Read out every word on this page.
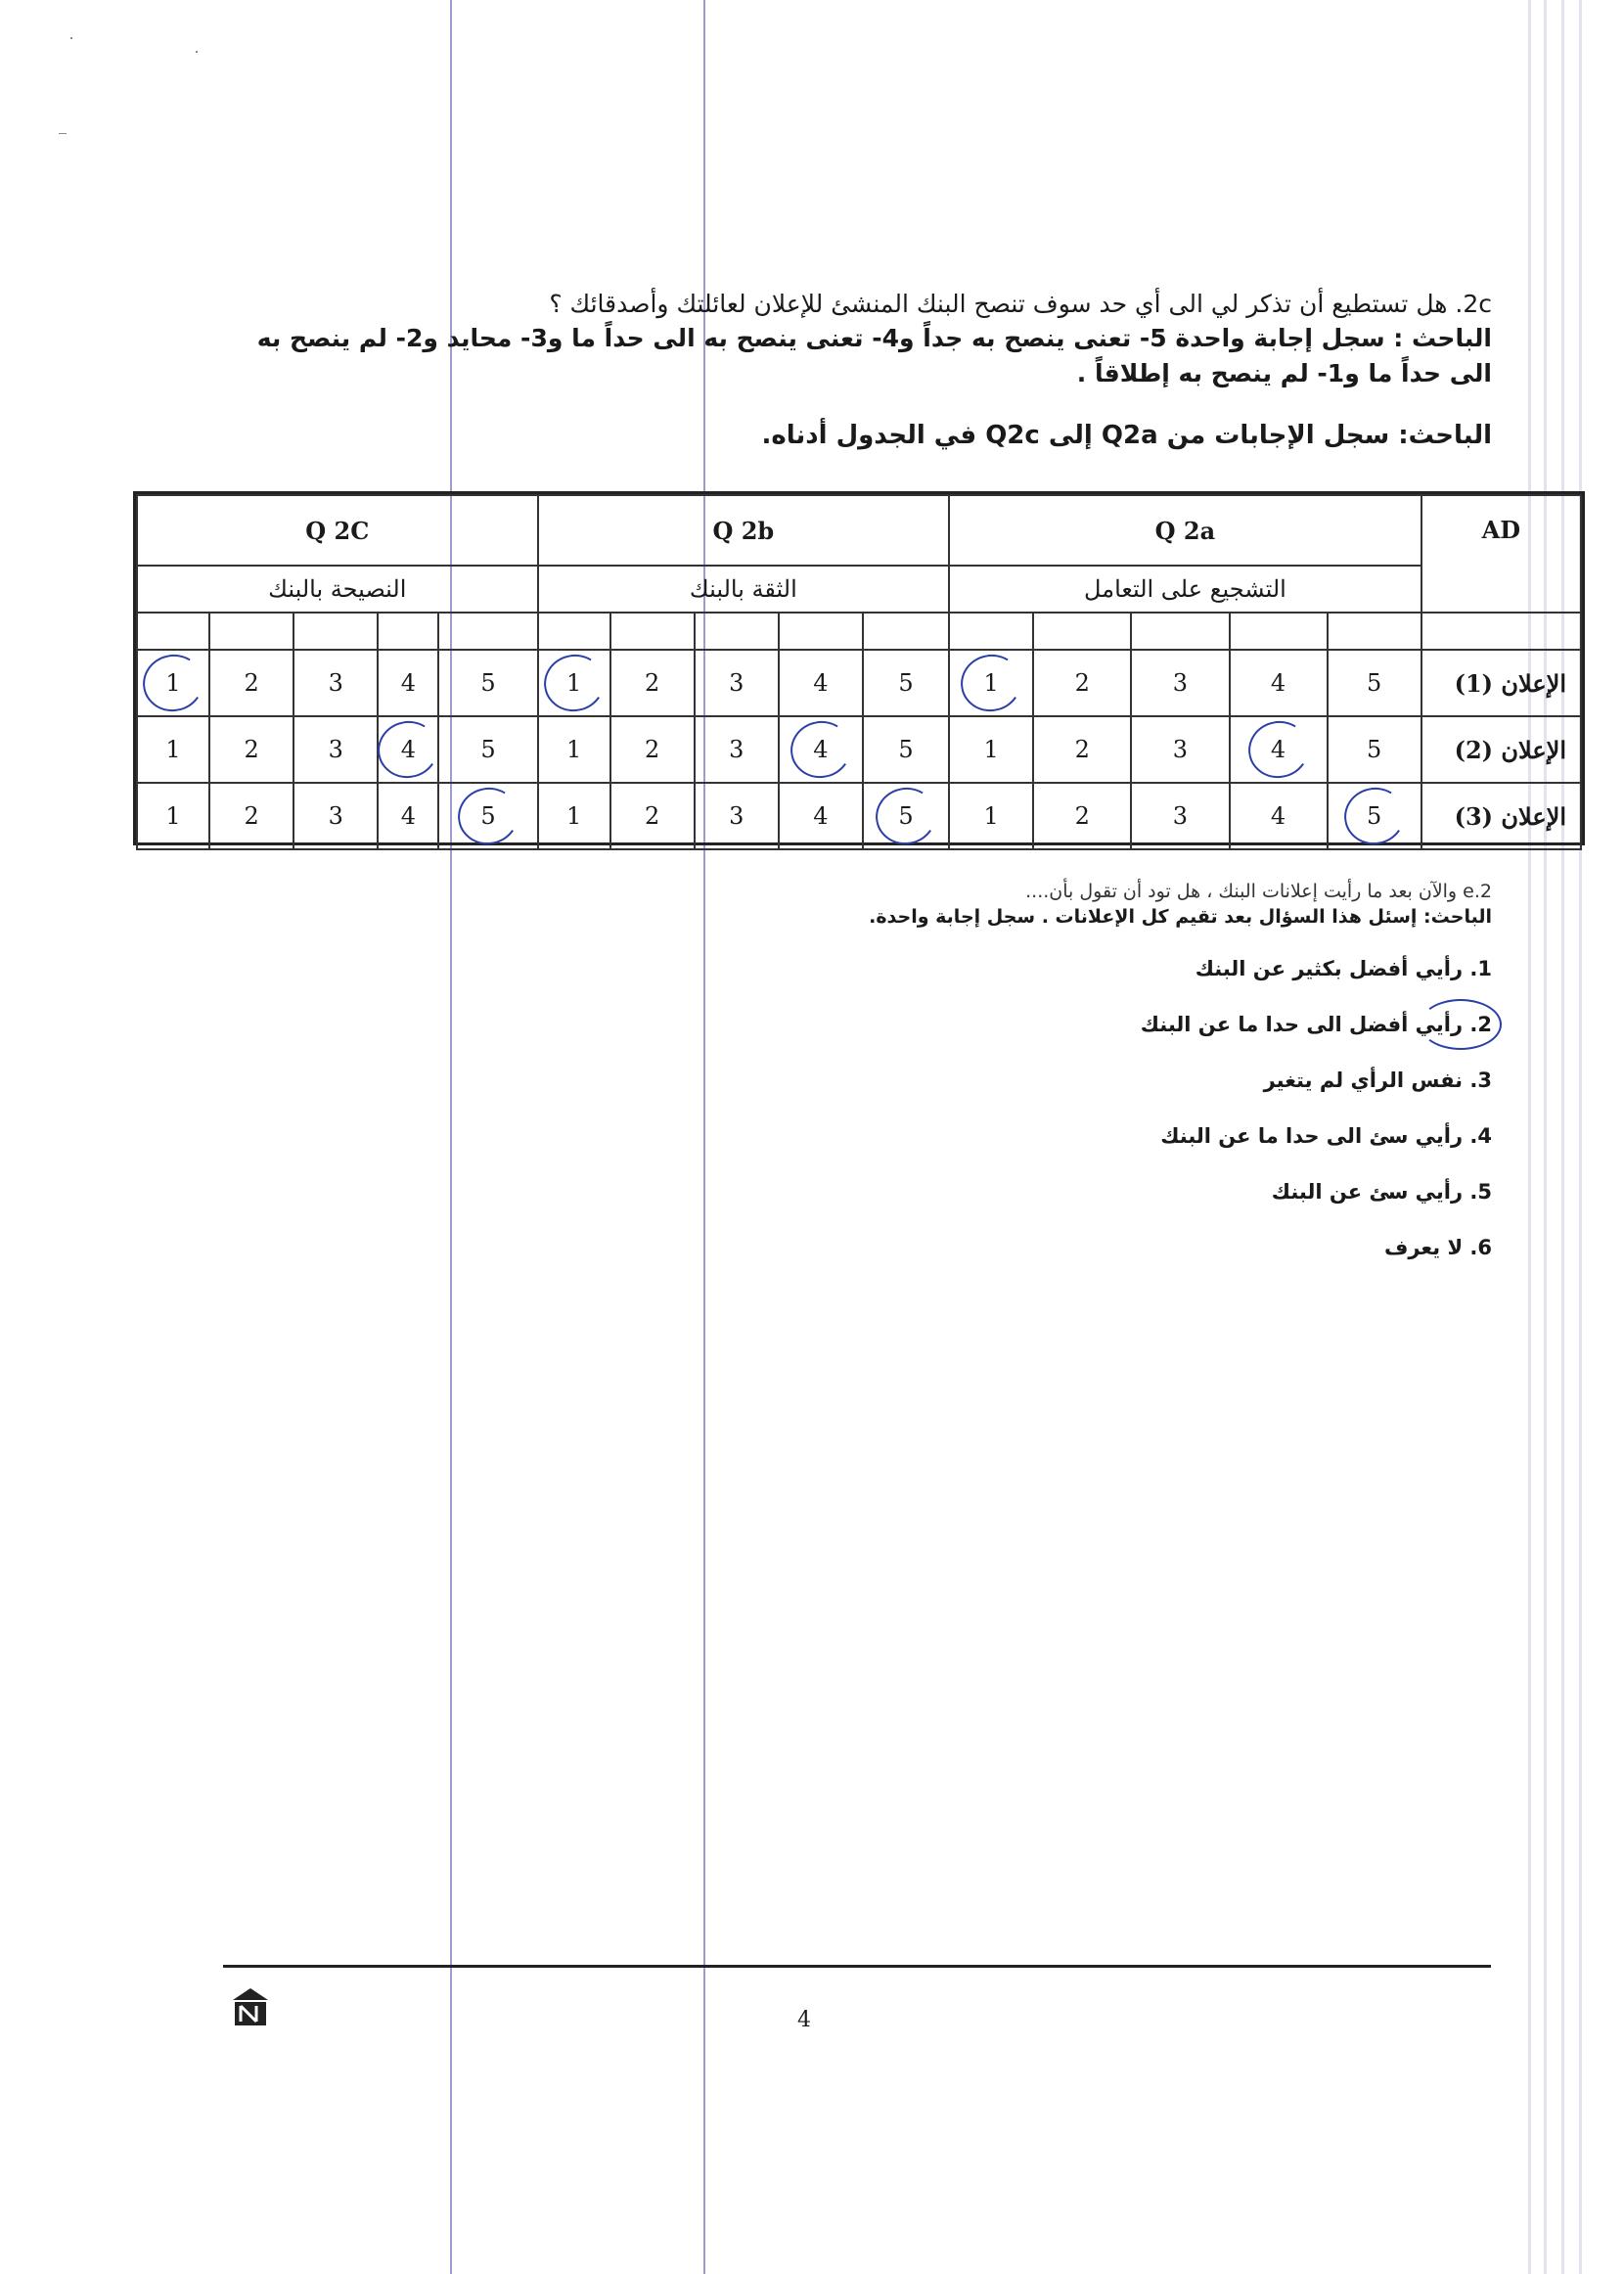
2c. هل تستطيع أن تذكر لي الى أي حد سوف تنصح البنك المنشئ للإعلان لعائلتك وأصدقائك ؟
الباحث : سجل إجابة واحدة 5- تعنى ينصح به جداً و4- تعنى ينصح به الى حداً ما و3- محايد و2- لم ينصح به الى حداً ما و1- لم ينصح به إطلاقاً .
الباحث: سجل الإجابات من Q2a إلى Q2c في الجدول أدناه.
Q 2C					Q 2b					Q 2a					AD
النصيحة بالبنك					الثقة بالبنك					التشجيع على التعامل					

1	2	3	4	5	1	2	3	4	5	1	2	3	4	5	الإعلان (1)
1	2	3	4	5	1	2	3	4	5	1	2	3	4	5	الإعلان (2)
1	2	3	4	5	1	2	3	4	5	1	2	3	4	5	الإعلان (3)
2.e والآن بعد ما رأيت إعلانات البنك ، هل تود أن تقول بأن....
الباحث: إسئل هذا السؤال بعد تقيم كل الإعلانات . سجل إجابة واحدة.
1. رأيي أفضل بكثير عن البنك
2. رأيي أفضل الى حدا ما عن البنك
3. نفس الرأي لم يتغير
4. رأيي سئ الى حدا ما عن البنك
5. رأيي سئ عن البنك
6. لا يعرف
4
